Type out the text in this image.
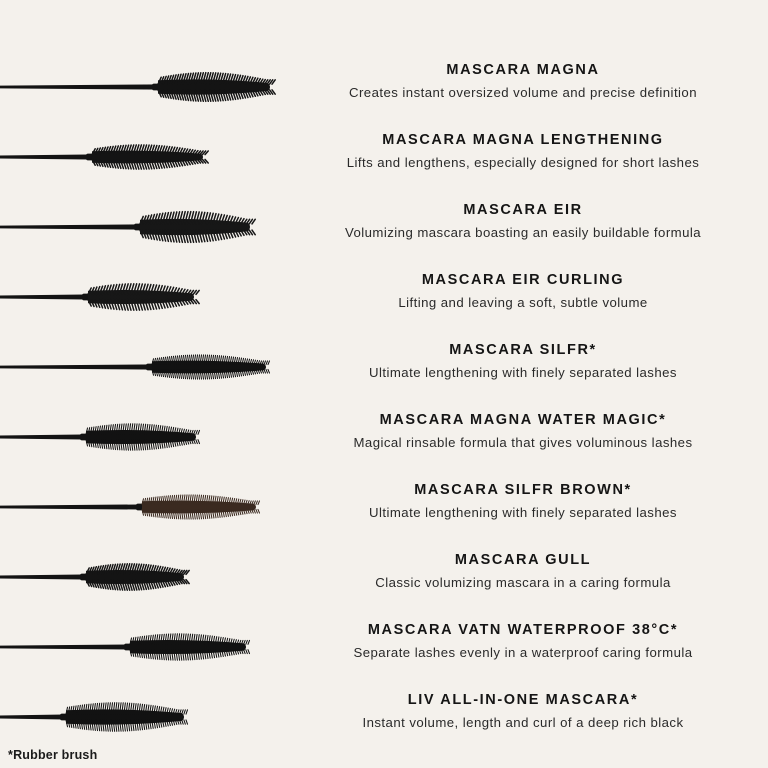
MASCARA MAGNA

Creates instant oversized volume and precise definition

MASCARA MAGNA LENGTHENING

Lifts and lengthens, especially designed for short lashes

MASCARA EIR

Volumizing mascara boasting an easily buildable formula

MASCARA EIR CURLING

Lifting and leaving a soft, subtle volume

MASCARA SILFR*

Ultimate lengthening with finely separated lashes

MASCARA MAGNA WATER MAGIC*

Magical rinsable formula that gives voluminous lashes

MASCARA SILFR BROWN*

Ultimate lengthening with finely separated lashes

MASCARA GULL

Classic volumizing mascara in a caring formula

MASCARA VATN WATERPROOF 38°C*

Separate lashes evenly in a waterproof caring formula

LIV ALL-IN-ONE MASCARA*

Instant volume, length and curl of a deep rich black

*Rubber brush
